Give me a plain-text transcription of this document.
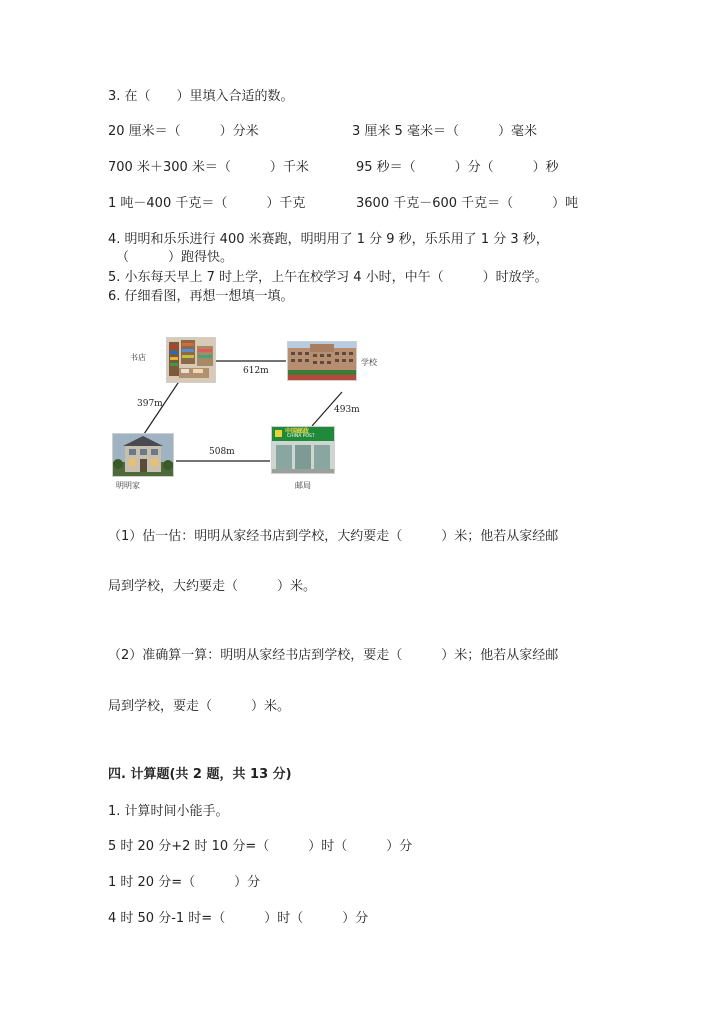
3. 在（　　）里填入合适的数。
20 厘米＝（　　　）分米	3 厘米 5 毫米＝（　　　）毫米
700 米＋300 米＝（　　　）千米	95 秒＝（　　　）分（　　　）秒
1 吨－400 千克＝（　　　）千克	3600 千克－600 千克＝（　　　）吨
4. 明明和乐乐进行 400 米赛跑，明明用了 1 分 9 秒，乐乐用了 1 分 3 秒，
（　　　）跑得快。
5. 小东每天早上 7 时上学，上午在校学习 4 小时，中午（　　　）时放学。
6. 仔细看图，再想一想填一填。
书店
学校
明明家
中国邮政
CHINA POST
邮局
612m
397m
493m
508m
（1）估一估：明明从家经书店到学校，大约要走（　　　）米；他若从家经邮
局到学校，大约要走（　　　）米。
（2）准确算一算：明明从家经书店到学校，要走（　　　）米；他若从家经邮
局到学校，要走（　　　）米。
四. 计算题(共 2 题，共 13 分)
1. 计算时间小能手。
5 时 20 分+2 时 10 分=（　　　）时（　　　）分
1 时 20 分=（　　　）分
4 时 50 分-1 时=（　　　）时（　　　）分
